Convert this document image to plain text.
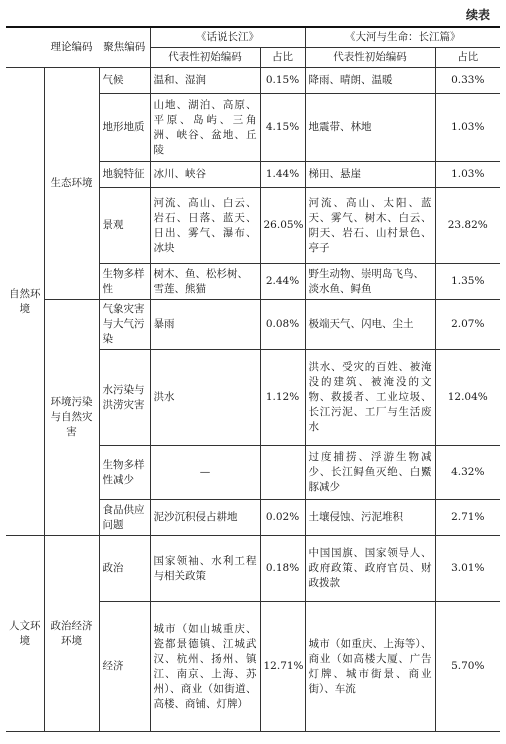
续表
	理论编码	聚焦编码	《话说长江》		《大河与生命：长江篇》	
			代表性初始编码	占比	代表性初始编码	占比
自然环境	生态环境	气候	温和、湿润	0.15%	降雨、晴朗、温暖	0.33%
		地形地质	山地、湖泊、高原、平原、岛屿、三角洲、峡谷、盆地、丘陵	4.15%	地震带、林地	1.03%
		地貌特征	冰川、峡谷	1.44%	梯田、悬崖	1.03%
		景观	河流、高山、白云、岩石、日落、蓝天、日出、雾气、瀑布、冰块	26.05%	河流、高山、太阳、蓝天、雾气、树木、白云、阴天、岩石、山村景色、亭子	23.82%
		生物多样性	树木、鱼、松杉树、雪莲、熊猫	2.44%	野生动物、崇明岛飞鸟、淡水鱼、鲟鱼	1.35%
	环境污染与自然灾害	气象灾害与大气污染	暴雨	0.08%	极端天气、闪电、尘土	2.07%
		水污染与洪涝灾害	洪水	1.12%	洪水、受灾的百姓、被淹没的建筑、被淹没的文物、救援者、工业垃圾、长江污泥、工厂与生活废水	12.04%
		生物多样性减少	—		过度捕捞、浮游生物减少、长江鲟鱼灭绝、白鱀豚减少	4.32%
		食品供应问题	泥沙沉积侵占耕地	0.02%	土壤侵蚀、污泥堆积	2.71%
人文环境	政治经济环境	政治	国家领袖、水利工程与相关政策	0.18%	中国国旗、国家领导人、政府政策、政府官员、财政拨款	3.01%
		经济	城市（如山城重庆、瓷都景德镇、江城武汉、杭州、扬州、镇江、南京、上海、苏州）、商业（如街道、高楼、商铺、灯牌）	12.71%	城市（如重庆、上海等）、商业（如高楼大厦、广告灯牌、城市街景、商业街）、车流	5.70%
